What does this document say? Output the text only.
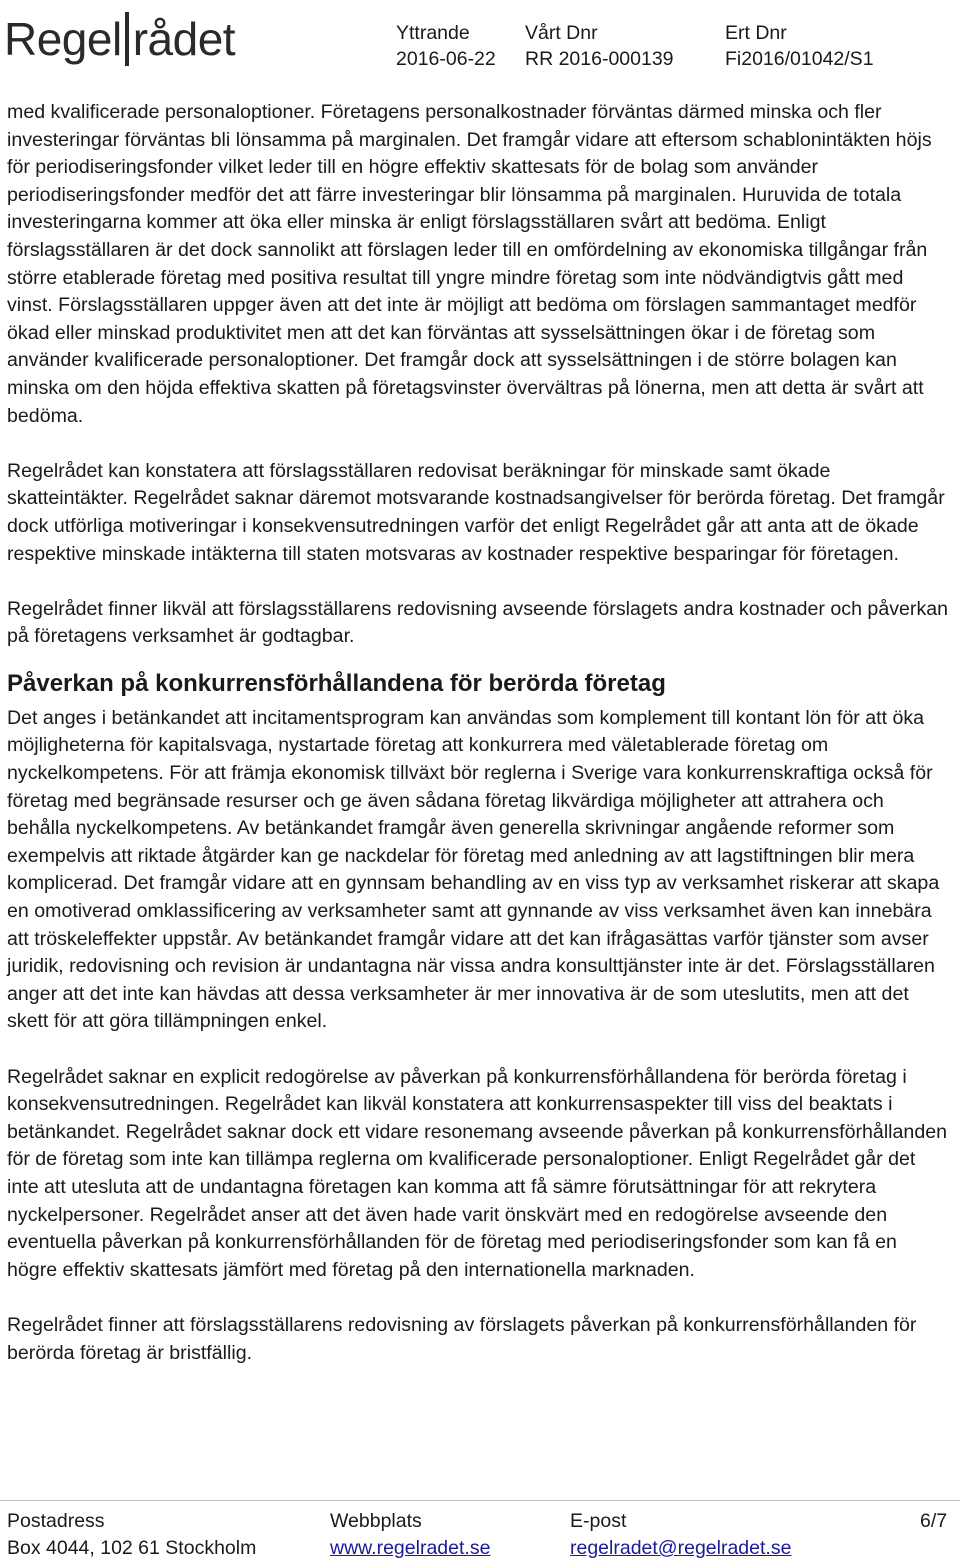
Regel rådet	Yttrande
2016-06-22
Vårt Dnr
RR 2016-000139
Ert Dnr
Fi2016/01042/S1

med kvalificerade personaloptioner. Företagens personalkostnader förväntas därmed minska och fler investeringar förväntas bli lönsamma på marginalen. Det framgår vidare att eftersom schablonintäkten höjs för periodiseringsfonder vilket leder till en högre effektiv skattesats för de bolag som använder periodiseringsfonder medför det att färre investeringar blir lönsamma på marginalen. Huruvida de totala investeringarna kommer att öka eller minska är enligt förslagsställaren svårt att bedöma. Enligt förslagsställaren är det dock sannolikt att förslagen leder till en omfördelning av ekonomiska tillgångar från större etablerade företag med positiva resultat till yngre mindre företag som inte nödvändigtvis gått med vinst. Förslagsställaren uppger även att det inte är möjligt att bedöma om förslagen sammantaget medför ökad eller minskad produktivitet men att det kan förväntas att sysselsättningen ökar i de företag som använder kvalificerade personaloptioner. Det framgår dock att sysselsättningen i de större bolagen kan minska om den höjda effektiva skatten på företagsvinster övervältras på lönerna, men att detta är svårt att bedöma.

Regelrådet kan konstatera att förslagsställaren redovisat beräkningar för minskade samt ökade skatteintäkter. Regelrådet saknar däremot motsvarande kostnadsangivelser för berörda företag. Det framgår dock utförliga motiveringar i konsekvensutredningen varför det enligt Regelrådet går att anta att de ökade respektive minskade intäkterna till staten motsvaras av kostnader respektive besparingar för företagen.

Regelrådet finner likväl att förslagsställarens redovisning avseende förslagets andra kostnader och påverkan på företagens verksamhet är godtagbar.

Påverkan på konkurrensförhållandena för berörda företag

Det anges i betänkandet att incitamentsprogram kan användas som komplement till kontant lön för att öka möjligheterna för kapitalsvaga, nystartade företag att konkurrera med väletablerade företag om nyckelkompetens. För att främja ekonomisk tillväxt bör reglerna i Sverige vara konkurrenskraftiga också för företag med begränsade resurser och ge även sådana företag likvärdiga möjligheter att attrahera och behålla nyckelkompetens. Av betänkandet framgår även generella skrivningar angående reformer som exempelvis att riktade åtgärder kan ge nackdelar för företag med anledning av att lagstiftningen blir mera komplicerad. Det framgår vidare att en gynnsam behandling av en viss typ av verksamhet riskerar att skapa en omotiverad omklassificering av verksamheter samt att gynnande av viss verksamhet även kan innebära att tröskeleffekter uppstår. Av betänkandet framgår vidare att det kan ifrågasättas varför tjänster som avser juridik, redovisning och revision är undantagna när vissa andra konsulttjänster inte är det. Förslagsställaren anger att det inte kan hävdas att dessa verksamheter är mer innovativa är de som uteslutits, men att det skett för att göra tillämpningen enkel.

Regelrådet saknar en explicit redogörelse av påverkan på konkurrensförhållandena för berörda företag i konsekvensutredningen. Regelrådet kan likväl konstatera att konkurrensaspekter till viss del beaktats i betänkandet. Regelrådet saknar dock ett vidare resonemang avseende påverkan på konkurrensförhållanden för de företag som inte kan tillämpa reglerna om kvalificerade personaloptioner. Enligt Regelrådet går det inte att utesluta att de undantagna företagen kan komma att få sämre förutsättningar för att rekrytera nyckelpersoner. Regelrådet anser att det även hade varit önskvärt med en redogörelse avseende den eventuella påverkan på konkurrensförhållanden för de företag med periodiseringsfonder som kan få en högre effektiv skattesats jämfört med företag på den internationella marknaden.

Regelrådet finner att förslagsställarens redovisning av förslagets påverkan på konkurrensförhållanden för berörda företag är bristfällig.

Postadress
Box 4044, 102 61 Stockholm
Webbplats
www.regelradet.se
E-post
regelradet@regelradet.se
6/7
